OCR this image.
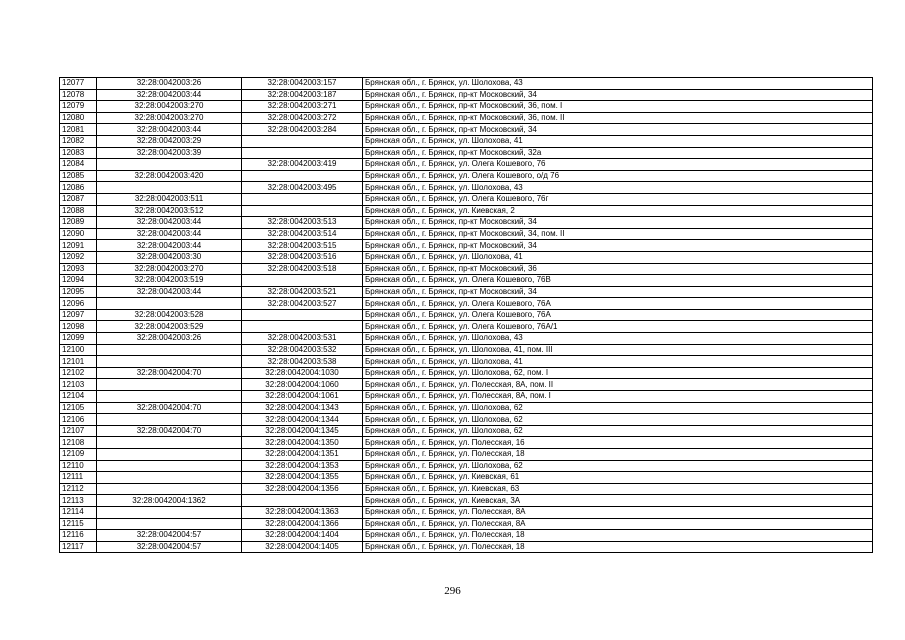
12077	32:28:0042003:26	32:28:0042003:157	Брянская обл., г. Брянск, ул. Шолохова, 43
12078	32:28:0042003:44	32:28:0042003:187	Брянская обл., г. Брянск, пр-кт Московский, 34
12079	32:28:0042003:270	32:28:0042003:271	Брянская обл., г. Брянск, пр-кт Московский, 36, пом. I
12080	32:28:0042003:270	32:28:0042003:272	Брянская обл., г. Брянск, пр-кт Московский, 36, пом. II
12081	32:28:0042003:44	32:28:0042003:284	Брянская обл., г. Брянск, пр-кт Московский, 34
12082	32:28:0042003:29		Брянская обл., г. Брянск, ул. Шолохова, 41
12083	32:28:0042003:39		Брянская обл., г. Брянск, пр-кт Московский, 32а
12084		32:28:0042003:419	Брянская обл., г. Брянск, ул. Олега Кошевого, 76
12085	32:28:0042003:420		Брянская обл., г. Брянск, ул. Олега Кошевого, о/д 76
12086		32:28:0042003:495	Брянская обл., г. Брянск, ул. Шолохова, 43
12087	32:28:0042003:511		Брянская обл., г. Брянск, ул. Олега Кошевого, 76г
12088	32:28:0042003:512		Брянская обл., г. Брянск, ул. Киевская, 2
12089	32:28:0042003:44	32:28:0042003:513	Брянская обл., г. Брянск, пр-кт Московский, 34
12090	32:28:0042003:44	32:28:0042003:514	Брянская обл., г. Брянск, пр-кт Московский, 34, пом. II
12091	32:28:0042003:44	32:28:0042003:515	Брянская обл., г. Брянск, пр-кт Московский, 34
12092	32:28:0042003:30	32:28:0042003:516	Брянская обл., г. Брянск, ул. Шолохова, 41
12093	32:28:0042003:270	32:28:0042003:518	Брянская обл., г. Брянск, пр-кт Московский, 36
12094	32:28:0042003:519		Брянская обл., г. Брянск, ул. Олега Кошевого, 76В
12095	32:28:0042003:44	32:28:0042003:521	Брянская обл., г. Брянск, пр-кт Московский, 34
12096		32:28:0042003:527	Брянская обл., г. Брянск, ул. Олега Кошевого, 76А
12097	32:28:0042003:528		Брянская обл., г. Брянск, ул. Олега Кошевого, 76А
12098	32:28:0042003:529		Брянская обл., г. Брянск, ул. Олега Кошевого, 76А/1
12099	32:28:0042003:26	32:28:0042003:531	Брянская обл., г. Брянск, ул. Шолохова, 43
12100		32:28:0042003:532	Брянская обл., г. Брянск, ул. Шолохова, 41, пом. III
12101		32:28:0042003:538	Брянская обл., г. Брянск, ул. Шолохова, 41
12102	32:28:0042004:70	32:28:0042004:1030	Брянская обл., г. Брянск, ул. Шолохова, 62, пом. I
12103		32:28:0042004:1060	Брянская обл., г. Брянск, ул. Полесская, 8А, пом. II
12104		32:28:0042004:1061	Брянская обл., г. Брянск, ул. Полесская, 8А, пом. I
12105	32:28:0042004:70	32:28:0042004:1343	Брянская обл., г. Брянск, ул. Шолохова, 62
12106		32:28:0042004:1344	Брянская обл., г. Брянск, ул. Шолохова, 62
12107	32:28:0042004:70	32:28:0042004:1345	Брянская обл., г. Брянск, ул. Шолохова, 62
12108		32:28:0042004:1350	Брянская обл., г. Брянск, ул. Полесская, 16
12109		32:28:0042004:1351	Брянская обл., г. Брянск, ул. Полесская, 18
12110		32:28:0042004:1353	Брянская обл., г. Брянск, ул. Шолохова, 62
12111		32:28:0042004:1355	Брянская обл., г. Брянск, ул. Киевская, 61
12112		32:28:0042004:1356	Брянская обл., г. Брянск, ул. Киевская, 63
12113	32:28:0042004:1362		Брянская обл., г. Брянск, ул. Киевская, 3А
12114		32:28:0042004:1363	Брянская обл., г. Брянск, ул. Полесская, 8А
12115		32:28:0042004:1366	Брянская обл., г. Брянск, ул. Полесская, 8А
12116	32:28:0042004:57	32:28:0042004:1404	Брянская обл., г. Брянск, ул. Полесская, 18
12117	32:28:0042004:57	32:28:0042004:1405	Брянская обл., г. Брянск, ул. Полесская, 18
296
